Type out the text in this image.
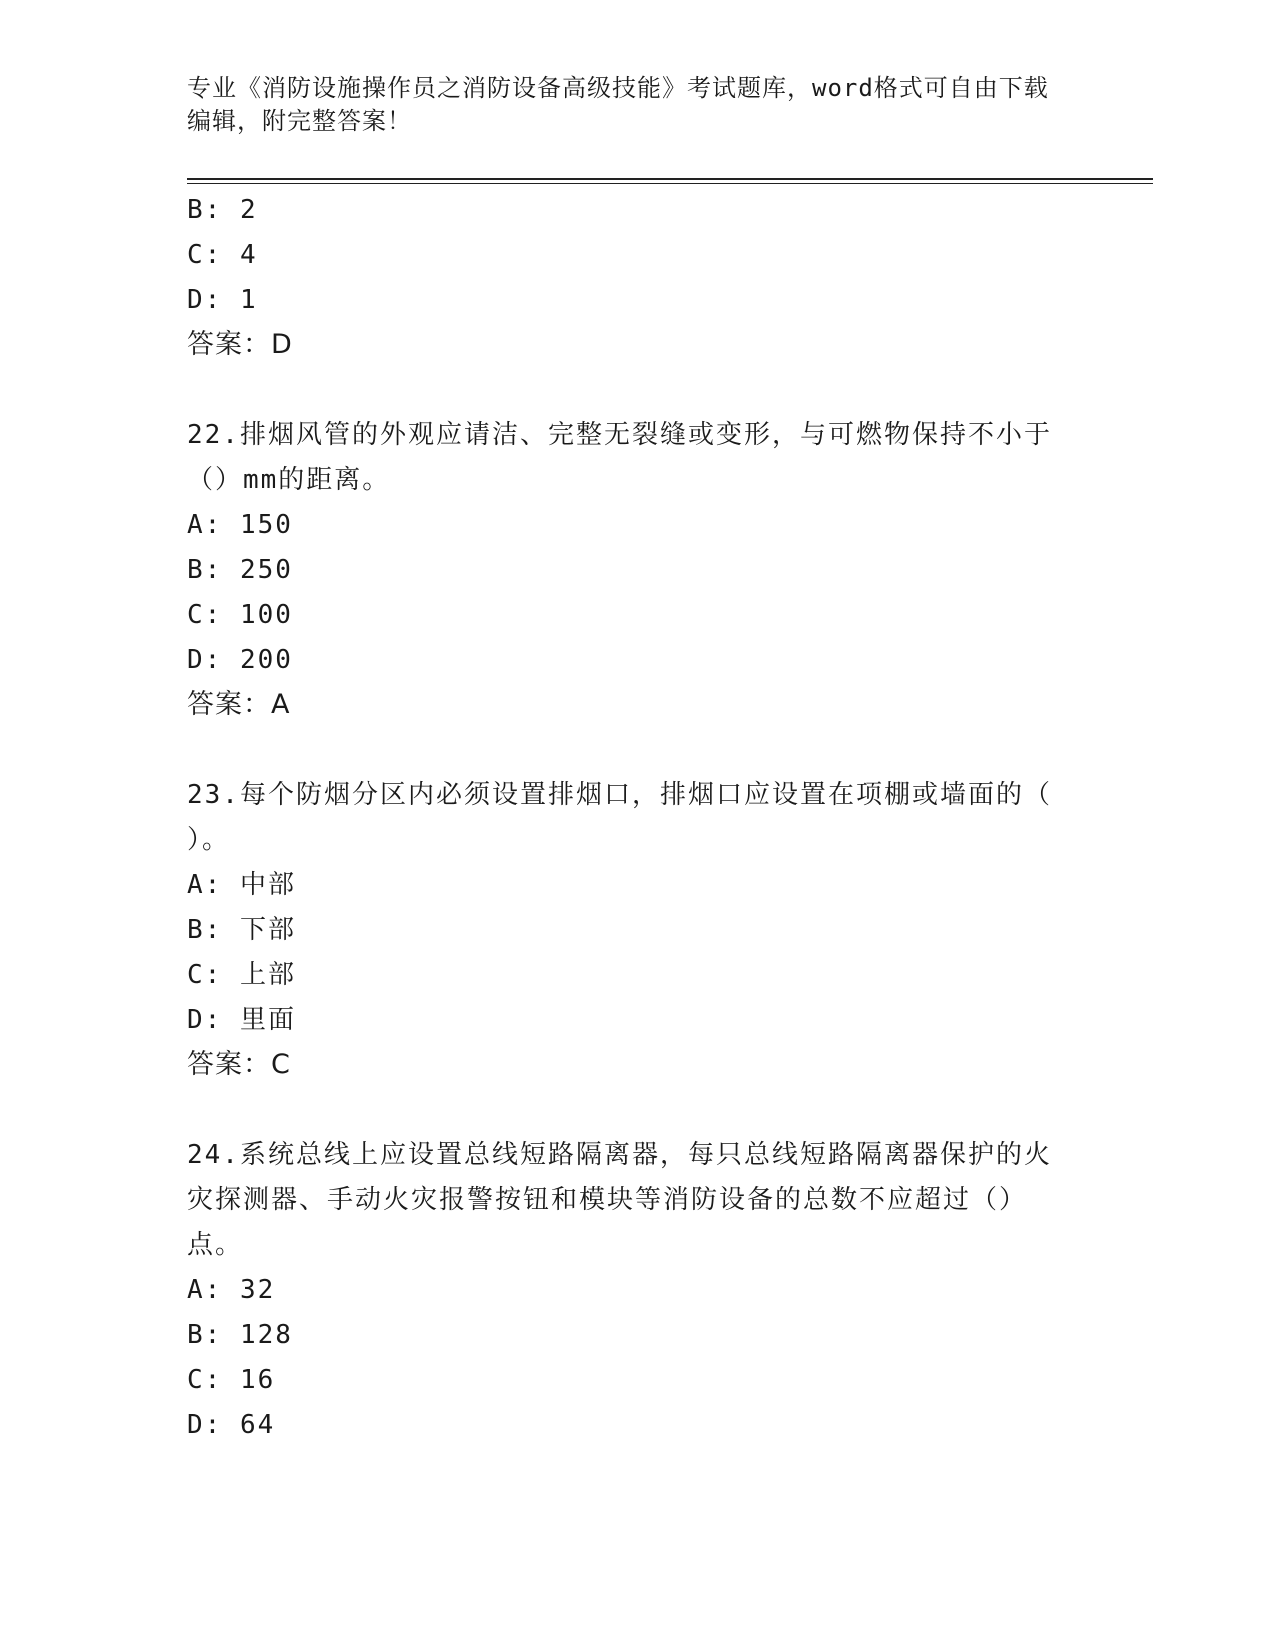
专业《消防设施操作员之消防设备高级技能》考试题库，word格式可自由下载编辑，附完整答案！
B: 2
C: 4
D: 1
答案：D
22.排烟风管的外观应请洁、完整无裂缝或变形，与可燃物保持不小于
（）mm的距离。
A: 150
B: 250
C: 100
D: 200
答案：A
23.每个防烟分区内必须设置排烟口，排烟口应设置在项棚或墙面的（
）。
A: 中部
B: 下部
C: 上部
D: 里面
答案：C
24.系统总线上应设置总线短路隔离器，每只总线短路隔离器保护的火
灾探测器、手动火灾报警按钮和模块等消防设备的总数不应超过（）
点。
A: 32
B: 128
C: 16
D: 64
